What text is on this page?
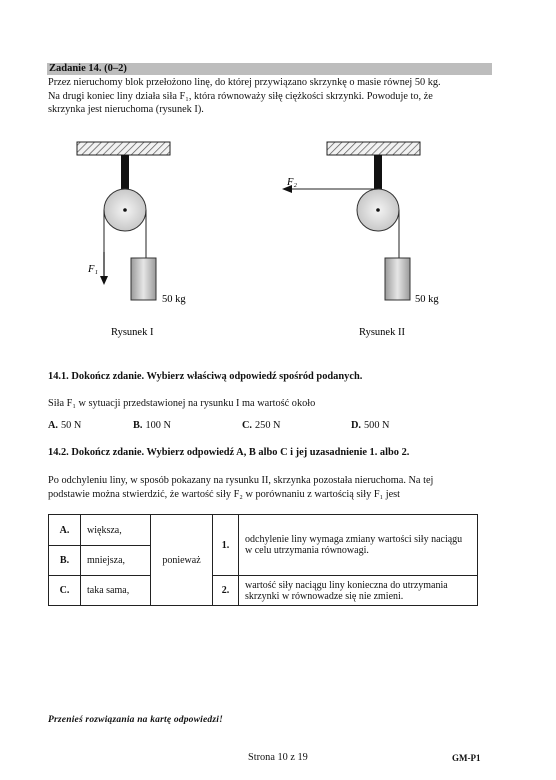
Zadanie 14. (0–2)
Przez nieruchomy blok przełożono linę, do której przywiązano skrzynkę o masie równej 50 kg.
Na drugi koniec liny działa siła F₁, która równoważy siłę ciężkości skrzynki. Powoduje to, że
skrzynka jest nieruchoma (rysunek I).
F₁
F₂
50 kg	50 kg
Rysunek I	Rysunek II
14.1. Dokończ zdanie. Wybierz właściwą odpowiedź spośród podanych.
Siła F₁ w sytuacji przedstawionej na rysunku I ma wartość około
A. 50 N	B. 100 N	C. 250 N	D. 500 N
14.2. Dokończ zdanie. Wybierz odpowiedź A, B albo C i jej uzasadnienie 1. albo 2.
Po odchyleniu liny, w sposób pokazany na rysunku II, skrzynka pozostała nieruchoma. Na tej
podstawie można stwierdzić, że wartość siły F₂ w porównaniu z wartością siły F₁ jest
A.	większa,	ponieważ	1.	odchylenie liny wymaga zmiany wartości siły naciągu w celu utrzymania równowagi.
B.	mniejsza,			
C.	taka sama,		2.	wartość siły naciągu liny konieczna do utrzymania skrzynki w równowadze się nie zmieni.
Przenieś rozwiązania na kartę odpowiedzi!
Strona 10 z 19	GM-P1
